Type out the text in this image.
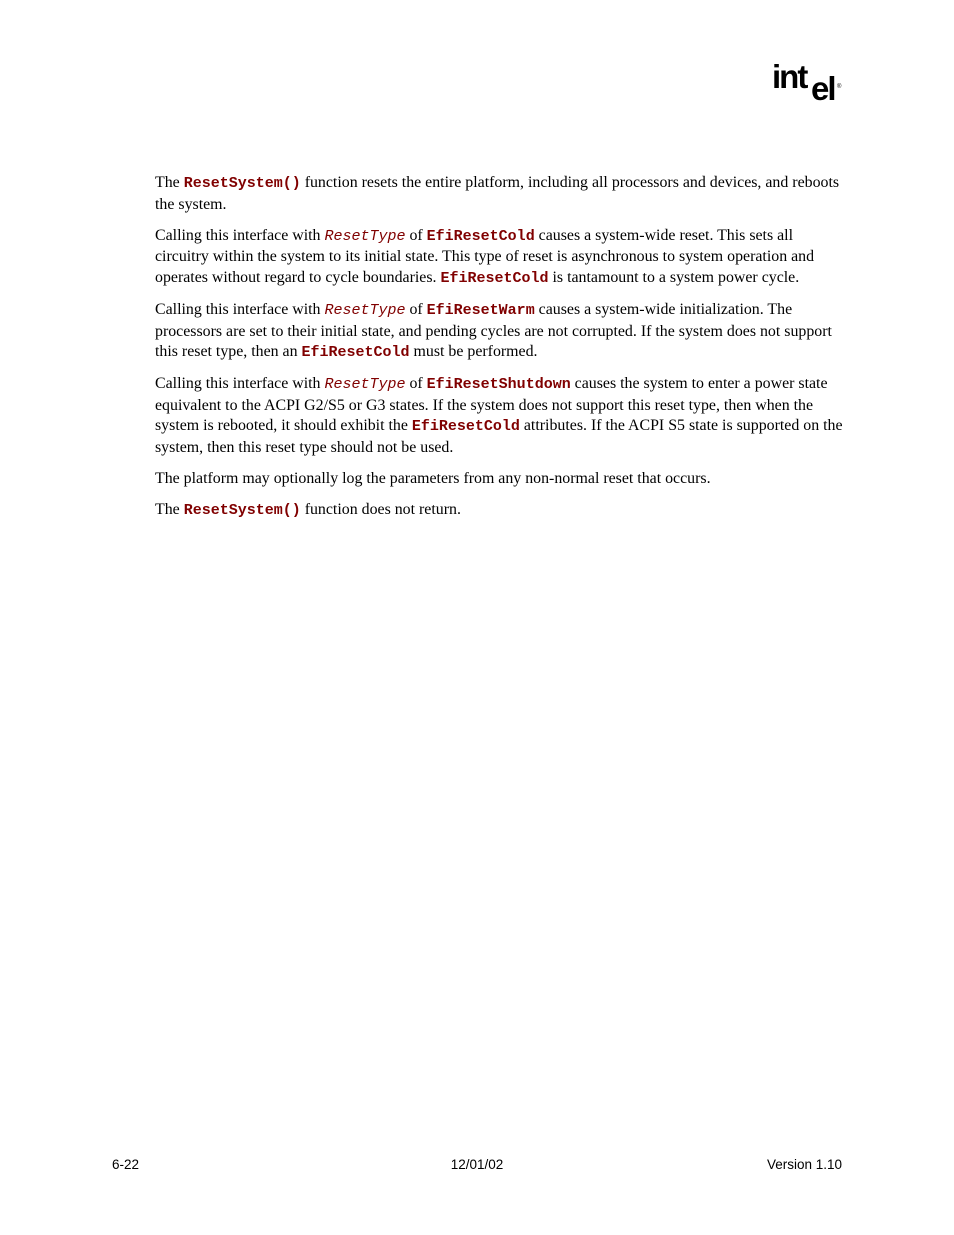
int el ®

The ResetSystem() function resets the entire platform, including all processors and devices, and reboots the system.

Calling this interface with ResetType of EfiResetCold causes a system-wide reset. This sets all circuitry within the system to its initial state. This type of reset is asynchronous to system operation and operates without regard to cycle boundaries. EfiResetCold is tantamount to a system power cycle.

Calling this interface with ResetType of EfiResetWarm causes a system-wide initialization. The processors are set to their initial state, and pending cycles are not corrupted. If the system does not support this reset type, then an EfiResetCold must be performed.

Calling this interface with ResetType of EfiResetShutdown causes the system to enter a power state equivalent to the ACPI G2/S5 or G3 states. If the system does not support this reset type, then when the system is rebooted, it should exhibit the EfiResetCold attributes. If the ACPI S5 state is supported on the system, then this reset type should not be used.

The platform may optionally log the parameters from any non-normal reset that occurs.

The ResetSystem() function does not return.

6-22	12/01/02	Version 1.10
